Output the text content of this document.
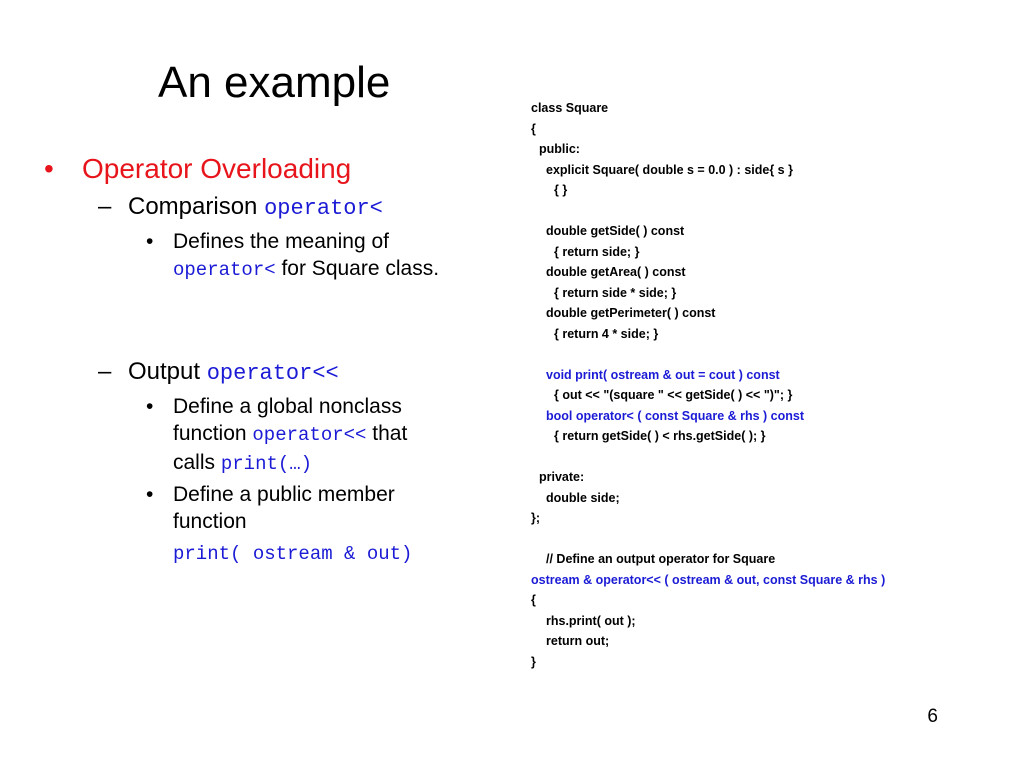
An example
• Operator Overloading
– Comparison operator<
• Defines the meaning of operator< for Square class.
– Output operator<<
• Define a global nonclass function operator<< that calls print(…)
• Define a public member function
print( ostream & out)
class Square
{
public:
explicit Square( double s = 0.0 ) : side{ s }
{ }
double getSide( ) const
{ return side; }
double getArea( ) const
{ return side * side; }
double getPerimeter( ) const
{ return 4 * side; }
void print( ostream & out = cout ) const
{ out << "(square " << getSide( ) << ")"; }
bool operator< ( const Square & rhs ) const
{ return getSide( ) < rhs.getSide( ); }
private:
double side;
};
// Define an output operator for Square
ostream & operator<< ( ostream & out, const Square & rhs )
{
rhs.print( out );
return out;
}
6
